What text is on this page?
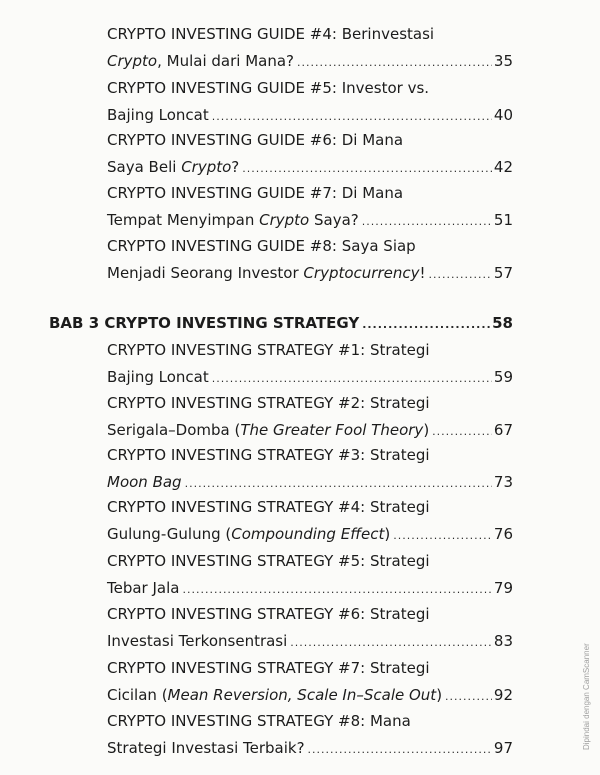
CRYPTO INVESTING GUIDE #4: Berinvestasi
Crypto, Mulai dari Mana? .....	35
CRYPTO INVESTING GUIDE #5: Investor vs.
Bajing Loncat .....	40
CRYPTO INVESTING GUIDE #6: Di Mana
Saya Beli Crypto? .....	42
CRYPTO INVESTING GUIDE #7: Di Mana
Tempat Menyimpan Crypto Saya? .....	51
CRYPTO INVESTING GUIDE #8: Saya Siap
Menjadi Seorang Investor Cryptocurrency! .....	57
BAB 3 CRYPTO INVESTING STRATEGY .....	58
CRYPTO INVESTING STRATEGY #1: Strategi
Bajing Loncat .....	59
CRYPTO INVESTING STRATEGY #2: Strategi
Serigala–Domba (The Greater Fool Theory) .....	67
CRYPTO INVESTING STRATEGY #3: Strategi
Moon Bag .....	73
CRYPTO INVESTING STRATEGY #4: Strategi
Gulung-Gulung (Compounding Effect) .....	76
CRYPTO INVESTING STRATEGY #5: Strategi
Tebar Jala .....	79
CRYPTO INVESTING STRATEGY #6: Strategi
Investasi Terkonsentrasi .....	83
CRYPTO INVESTING STRATEGY #7: Strategi
Cicilan (Mean Reversion, Scale In–Scale Out) .....	92
CRYPTO INVESTING STRATEGY #8: Mana
Strategi Investasi Terbaik? .....	97	Dipindai dengan CamScanner
